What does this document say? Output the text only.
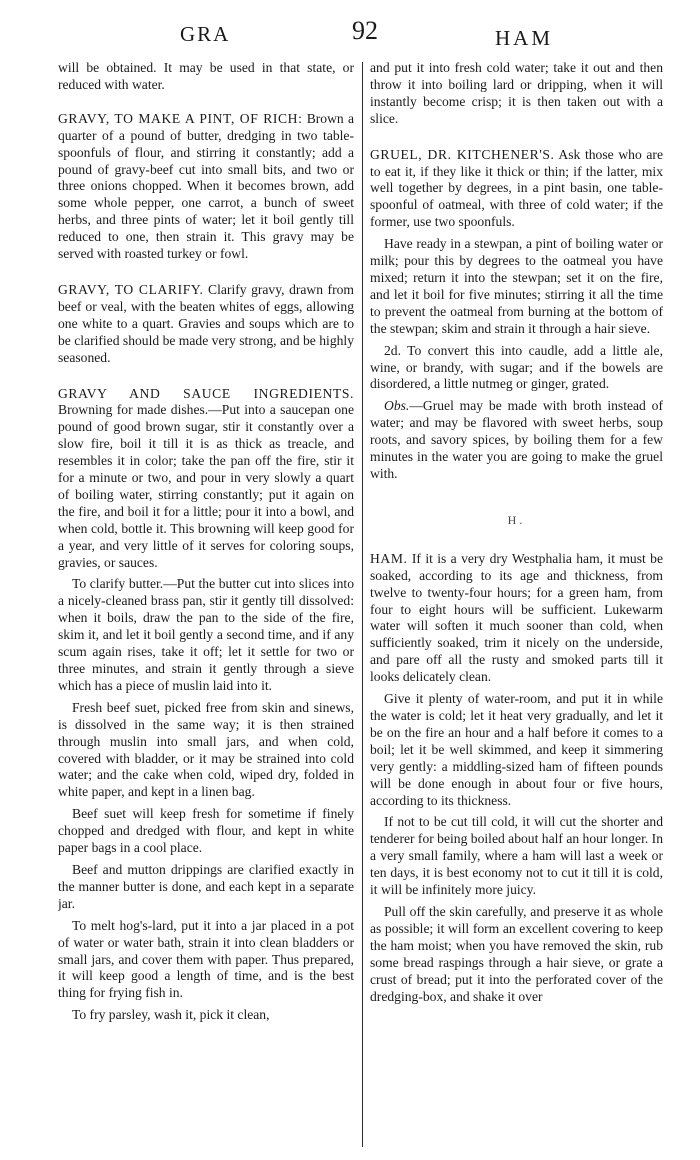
GRA	92	HAM

will be obtained. It may be used in that state, or reduced with water.

GRAVY, TO MAKE A PINT, OF RICH: Brown a quarter of a pound of butter, dredging in two table-spoonfuls of flour, and stirring it constantly; add a pound of gravy-beef cut into small bits, and two or three onions chopped. When it becomes brown, add some whole pepper, one carrot, a bunch of sweet herbs, and three pints of water; let it boil gently till reduced to one, then strain it. This gravy may be served with roasted turkey or fowl.

GRAVY, TO CLARIFY. Clarify gravy, drawn from beef or veal, with the beaten whites of eggs, allowing one white to a quart. Gravies and soups which are to be clarified should be made very strong, and be highly seasoned.

GRAVY AND SAUCE INGREDIENTS. Browning for made dishes.—Put into a saucepan one pound of good brown sugar, stir it constantly over a slow fire, boil it till it is as thick as treacle, and resembles it in color; take the pan off the fire, stir it for a minute or two, and pour in very slowly a quart of boiling water, stirring constantly; put it again on the fire, and boil it for a little; pour it into a bowl, and when cold, bottle it. This browning will keep good for a year, and very little of it serves for coloring soups, gravies, or sauces.

To clarify butter.—Put the butter cut into slices into a nicely-cleaned brass pan, stir it gently till dissolved: when it boils, draw the pan to the side of the fire, skim it, and let it boil gently a second time, and if any scum again rises, take it off; let it settle for two or three minutes, and strain it gently through a sieve which has a piece of muslin laid into it.

Fresh beef suet, picked free from skin and sinews, is dissolved in the same way; it is then strained through muslin into small jars, and when cold, covered with bladder, or it may be strained into cold water; and the cake when cold, wiped dry, folded in white paper, and kept in a linen bag.

Beef suet will keep fresh for sometime if finely chopped and dredged with flour, and kept in white paper bags in a cool place.

Beef and mutton drippings are clarified exactly in the manner butter is done, and each kept in a separate jar.

To melt hog's-lard, put it into a jar placed in a pot of water or water bath, strain it into clean bladders or small jars, and cover them with paper. Thus prepared, it will keep good a length of time, and is the best thing for frying fish in.

To fry parsley, wash it, pick it clean,

and put it into fresh cold water; take it out and then throw it into boiling lard or dripping, when it will instantly become crisp; it is then taken out with a slice.

GRUEL, DR. KITCHENER'S. Ask those who are to eat it, if they like it thick or thin; if the latter, mix well together by degrees, in a pint basin, one table-spoonful of oatmeal, with three of cold water; if the former, use two spoonfuls.

Have ready in a stewpan, a pint of boiling water or milk; pour this by degrees to the oatmeal you have mixed; return it into the stewpan; set it on the fire, and let it boil for five minutes; stirring it all the time to prevent the oatmeal from burning at the bottom of the stewpan; skim and strain it through a hair sieve.

2d. To convert this into caudle, add a little ale, wine, or brandy, with sugar; and if the bowels are disordered, a little nutmeg or ginger, grated.

Obs.—Gruel may be made with broth instead of water; and may be flavored with sweet herbs, soup roots, and savory spices, by boiling them for a few minutes in the water you are going to make the gruel with.

H.

HAM. If it is a very dry Westphalia ham, it must be soaked, according to its age and thickness, from twelve to twenty-four hours; for a green ham, from four to eight hours will be sufficient. Lukewarm water will soften it much sooner than cold, when sufficiently soaked, trim it nicely on the underside, and pare off all the rusty and smoked parts till it looks delicately clean.

Give it plenty of water-room, and put it in while the water is cold; let it heat very gradually, and let it be on the fire an hour and a half before it comes to a boil; let it be well skimmed, and keep it simmering very gently: a middling-sized ham of fifteen pounds will be done enough in about four or five hours, according to its thickness.

If not to be cut till cold, it will cut the shorter and tenderer for being boiled about half an hour longer. In a very small family, where a ham will last a week or ten days, it is best economy not to cut it till it is cold, it will be infinitely more juicy.

Pull off the skin carefully, and preserve it as whole as possible; it will form an excellent covering to keep the ham moist; when you have removed the skin, rub some bread raspings through a hair sieve, or grate a crust of bread; put it into the perforated cover of the dredging-box, and shake it over
